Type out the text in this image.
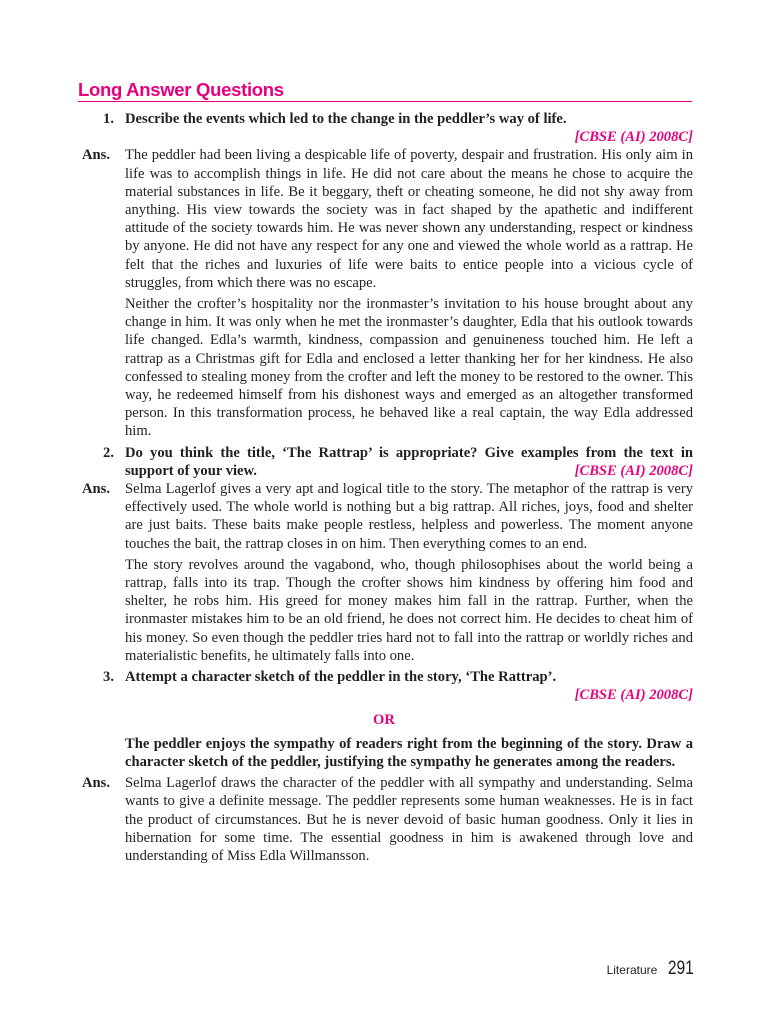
Long Answer Questions
1. Describe the events which led to the change in the peddler’s way of life.
[CBSE (AI) 2008C]
Ans. The peddler had been living a despicable life of poverty, despair and frustration. His only aim in life was to accomplish things in life. He did not care about the means he chose to acquire the material substances in life. Be it beggary, theft or cheating someone, he did not shy away from anything. His view towards the society was in fact shaped by the apathetic and indifferent attitude of the society towards him. He was never shown any understanding, respect or kindness by anyone. He did not have any respect for any one and viewed the whole world as a rattrap. He felt that the riches and luxuries of life were baits to entice people into a vicious cycle of struggles, from which there was no escape.
Neither the crofter’s hospitality nor the ironmaster’s invitation to his house brought about any change in him. It was only when he met the ironmaster’s daughter, Edla that his outlook towards life changed. Edla’s warmth, kindness, compassion and genuineness touched him. He left a rattrap as a Christmas gift for Edla and enclosed a letter thanking her for her kindness. He also confessed to stealing money from the crofter and left the money to be restored to the owner. This way, he redeemed himself from his dishonest ways and emerged as an altogether transformed person. In this transformation process, he behaved like a real captain, the way Edla addressed him.
2. Do you think the title, ‘The Rattrap’ is appropriate? Give examples from the text in support of your view.	[CBSE (AI) 2008C]
Ans. Selma Lagerlof gives a very apt and logical title to the story. The metaphor of the rattrap is very effectively used. The whole world is nothing but a big rattrap. All riches, joys, food and shelter are just baits. These baits make people restless, helpless and powerless. The moment anyone touches the bait, the rattrap closes in on him. Then everything comes to an end.
The story revolves around the vagabond, who, though philosophises about the world being a rattrap, falls into its trap. Though the crofter shows him kindness by offering him food and shelter, he robs him. His greed for money makes him fall in the rattrap. Further, when the ironmaster mistakes him to be an old friend, he does not correct him. He decides to cheat him of his money. So even though the peddler tries hard not to fall into the rattrap or worldly riches and materialistic benefits, he ultimately falls into one.
3. Attempt a character sketch of the peddler in the story, ‘The Rattrap’.
[CBSE (AI) 2008C]
OR
The peddler enjoys the sympathy of readers right from the beginning of the story. Draw a character sketch of the peddler, justifying the sympathy he generates among the readers.
Ans. Selma Lagerlof draws the character of the peddler with all sympathy and understanding. Selma wants to give a definite message. The peddler represents some human weaknesses. He is in fact the product of circumstances. But he is never devoid of basic human goodness. Only it lies in hibernation for some time. The essential goodness in him is awakened through love and understanding of Miss Edla Willmansson.
Literature 291
